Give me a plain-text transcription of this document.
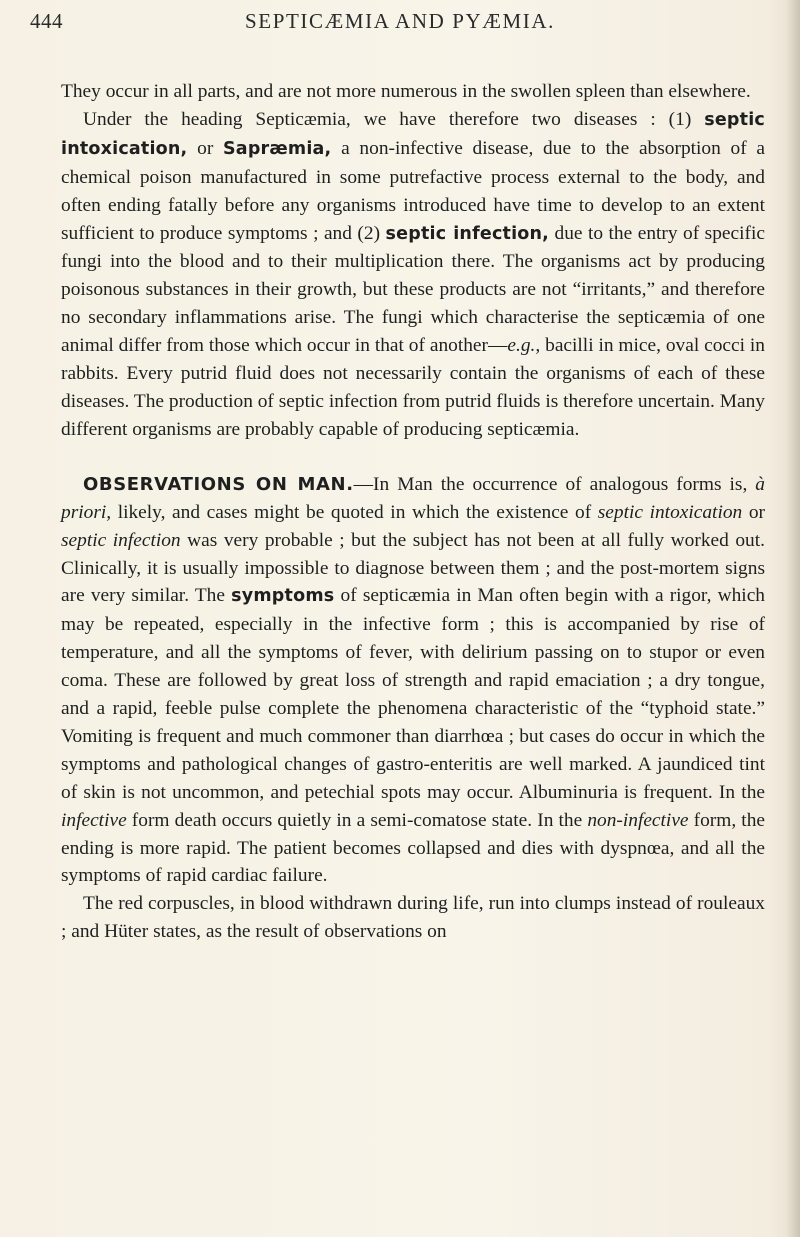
444	SEPTICÆMIA AND PYÆMIA.

They occur in all parts, and are not more numerous in the swollen spleen than elsewhere.

Under the heading Septicæmia, we have therefore two diseases : (1) septic intoxication, or Sapræmia, a non-infective disease, due to the absorption of a chemical poison manufactured in some putrefactive process external to the body, and often ending fatally before any organisms introduced have time to develop to an extent sufficient to produce symptoms ; and (2) septic infection, due to the entry of specific fungi into the blood and to their multiplication there. The organisms act by producing poisonous substances in their growth, but these products are not “irritants,” and therefore no secondary inflammations arise. The fungi which characterise the septicæmia of one animal differ from those which occur in that of another—e.g., bacilli in mice, oval cocci in rabbits. Every putrid fluid does not necessarily contain the organisms of each of these diseases. The production of septic infection from putrid fluids is therefore uncertain. Many different organisms are probably capable of producing septicæmia.

OBSERVATIONS ON MAN.—In Man the occurrence of analogous forms is, à priori, likely, and cases might be quoted in which the existence of septic intoxication or septic infection was very probable ; but the subject has not been at all fully worked out. Clinically, it is usually impossible to diagnose between them ; and the post-mortem signs are very similar. The symptoms of septicæmia in Man often begin with a rigor, which may be repeated, especially in the infective form ; this is accompanied by rise of temperature, and all the symptoms of fever, with delirium passing on to stupor or even coma. These are followed by great loss of strength and rapid emaciation ; a dry tongue, and a rapid, feeble pulse complete the phenomena characteristic of the “typhoid state.” Vomiting is frequent and much commoner than diarrhœa ; but cases do occur in which the symptoms and pathological changes of gastro-enteritis are well marked. A jaundiced tint of skin is not uncommon, and petechial spots may occur. Albuminuria is frequent. In the infective form death occurs quietly in a semi-comatose state. In the non-infective form, the ending is more rapid. The patient becomes collapsed and dies with dyspnœa, and all the symptoms of rapid cardiac failure.

The red corpuscles, in blood withdrawn during life, run into clumps instead of rouleaux ; and Hüter states, as the result of observations on
